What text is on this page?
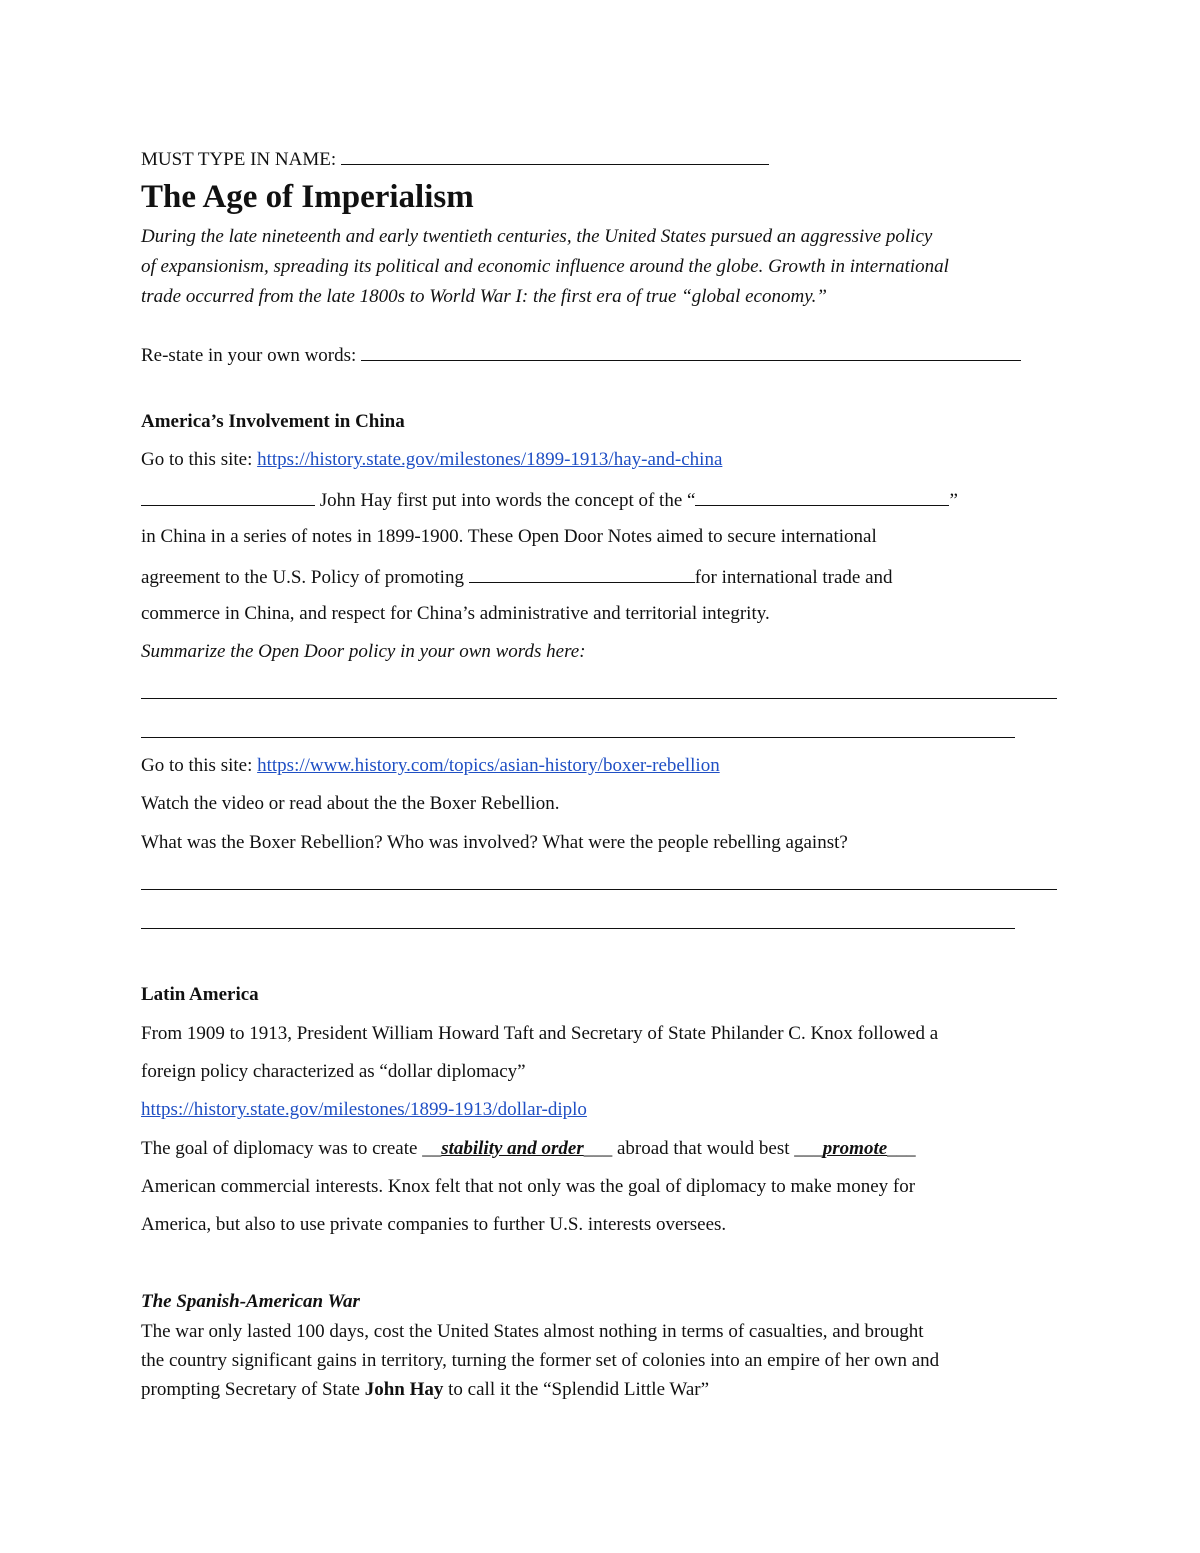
MUST TYPE IN NAME:
The Age of Imperialism
During the late nineteenth and early twentieth centuries, the United States pursued an aggressive policy
of expansionism, spreading its political and economic influence around the globe. Growth in international
trade occurred from the late 1800s to World War I: the first era of true “global economy.”
Re-state in your own words:
America’s Involvement in China
Go to this site: https://history.state.gov/milestones/1899-1913/hay-and-china
John Hay first put into words the concept of the “	”
in China in a series of notes in 1899-1900. These Open Door Notes aimed to secure international
agreement to the U.S. Policy of promoting	for international trade and
commerce in China, and respect for China’s administrative and territorial integrity.
Summarize the Open Door policy in your own words here:
Go to this site: https://www.history.com/topics/asian-history/boxer-rebellion
Watch the video or read about the the Boxer Rebellion.
What was the Boxer Rebellion? Who was involved? What were the people rebelling against?
Latin America
From 1909 to 1913, President William Howard Taft and Secretary of State Philander C. Knox followed a
foreign policy characterized as “dollar diplomacy”
https://history.state.gov/milestones/1899-1913/dollar-diplo
The goal of diplomacy was to create __stability and order___ abroad that would best ___promote___
American commercial interests. Knox felt that not only was the goal of diplomacy to make money for
America, but also to use private companies to further U.S. interests oversees.
The Spanish-American War
The war only lasted 100 days, cost the United States almost nothing in terms of casualties, and brought
the country significant gains in territory, turning the former set of colonies into an empire of her own and
prompting Secretary of State John Hay to call it the “Splendid Little War”
